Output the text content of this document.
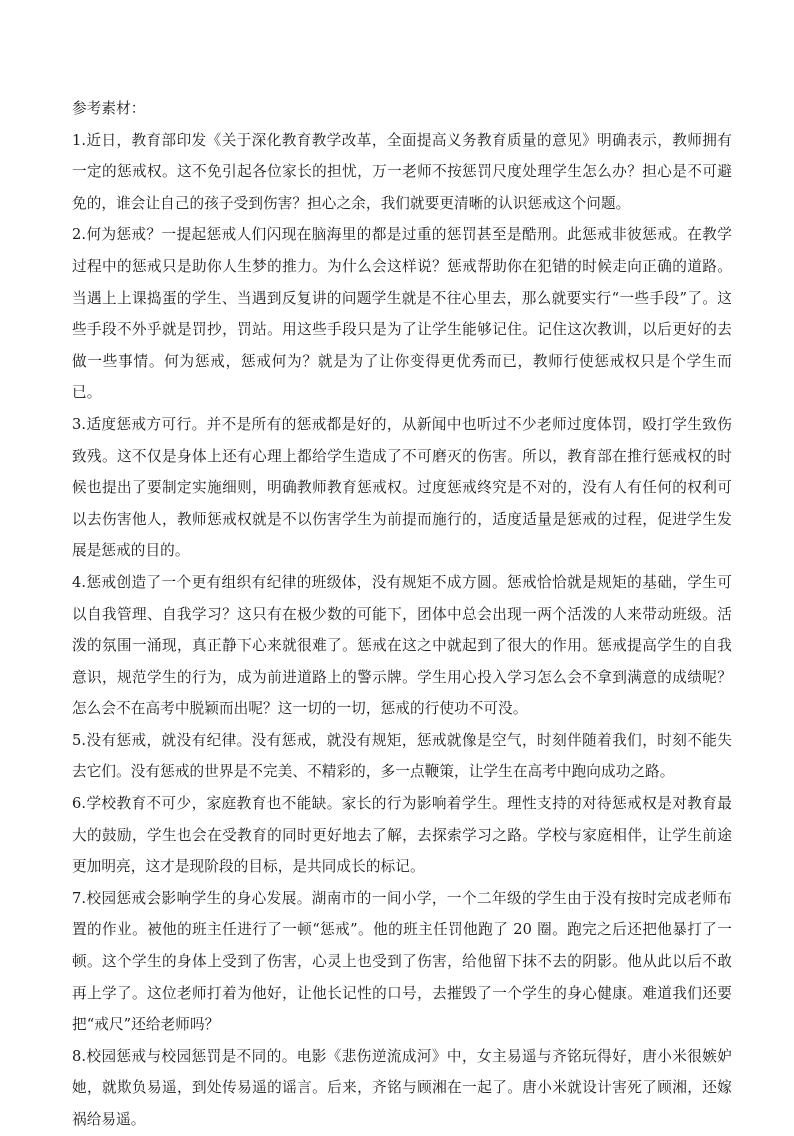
参考素材：

1.近日，教育部印发《关于深化教育教学改革，全面提高义务教育质量的意见》明确表示，教师拥有一定的惩戒权。这不免引起各位家长的担忧，万一老师不按惩罚尺度处理学生怎么办？担心是不可避免的，谁会让自己的孩子受到伤害？担心之余，我们就要更清晰的认识惩戒这个问题。

2.何为惩戒？一提起惩戒人们闪现在脑海里的都是过重的惩罚甚至是酷刑。此惩戒非彼惩戒。在教学过程中的惩戒只是助你人生梦的推力。为什么会这样说？惩戒帮助你在犯错的时候走向正确的道路。当遇上上课捣蛋的学生、当遇到反复讲的问题学生就是不往心里去，那么就要实行“一些手段”了。这些手段不外乎就是罚抄，罚站。用这些手段只是为了让学生能够记住。记住这次教训，以后更好的去做一些事情。何为惩戒，惩戒何为？就是为了让你变得更优秀而已，教师行使惩戒权只是个学生而已。

3.适度惩戒方可行。并不是所有的惩戒都是好的，从新闻中也听过不少老师过度体罚，殴打学生致伤致残。这不仅是身体上还有心理上都给学生造成了不可磨灭的伤害。所以，教育部在推行惩戒权的时候也提出了要制定实施细则，明确教师教育惩戒权。过度惩戒终究是不对的，没有人有任何的权利可以去伤害他人，教师惩戒权就是不以伤害学生为前提而施行的，适度适量是惩戒的过程，促进学生发展是惩戒的目的。

4.惩戒创造了一个更有组织有纪律的班级体，没有规矩不成方圆。惩戒恰恰就是规矩的基础，学生可以自我管理、自我学习？这只有在极少数的可能下，团体中总会出现一两个活泼的人来带动班级。活泼的氛围一涌现，真正静下心来就很难了。惩戒在这之中就起到了很大的作用。惩戒提高学生的自我意识，规范学生的行为，成为前进道路上的警示牌。学生用心投入学习怎么会不拿到满意的成绩呢？怎么会不在高考中脱颖而出呢？这一切的一切，惩戒的行使功不可没。

5.没有惩戒，就没有纪律。没有惩戒，就没有规矩，惩戒就像是空气，时刻伴随着我们，时刻不能失去它们。没有惩戒的世界是不完美、不精彩的，多一点鞭策，让学生在高考中跑向成功之路。

6.学校教育不可少，家庭教育也不能缺。家长的行为影响着学生。理性支持的对待惩戒权是对教育最大的鼓励，学生也会在受教育的同时更好地去了解，去探索学习之路。学校与家庭相伴，让学生前途更加明亮，这才是现阶段的目标，是共同成长的标记。

7.校园惩戒会影响学生的身心发展。湖南市的一间小学，一个二年级的学生由于没有按时完成老师布置的作业。被他的班主任进行了一顿“惩戒”。他的班主任罚他跑了 20 圈。跑完之后还把他暴打了一顿。这个学生的身体上受到了伤害，心灵上也受到了伤害，给他留下抹不去的阴影。他从此以后不敢再上学了。这位老师打着为他好，让他长记性的口号，去摧毁了一个学生的身心健康。难道我们还要把“戒尺”还给老师吗？

8.校园惩戒与校园惩罚是不同的。电影《悲伤逆流成河》中，女主易遥与齐铭玩得好，唐小米很嫉妒她，就欺负易遥，到处传易遥的谣言。后来，齐铭与顾湘在一起了。唐小米就设计害死了顾湘，还嫁祸给易遥。
